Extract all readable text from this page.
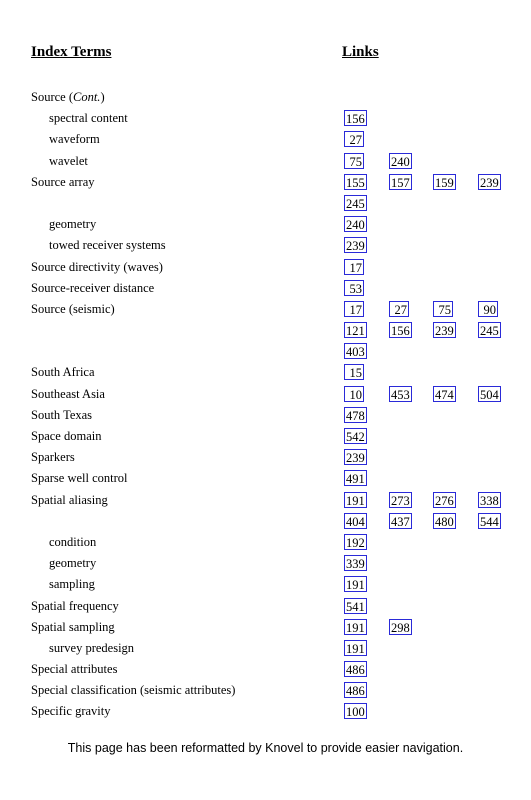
Index Terms	Links
Source (Cont.)
spectral content	156
waveform	27
wavelet	75 240
Source array	155 157 159 239
245
geometry	240
towed receiver systems	239
Source directivity (waves)	17
Source-receiver distance	53
Source (seismic)	17	27	75	90
121 156 239 245
403
South Africa	15
Southeast Asia	10 453 474 504
South Texas	478
Space domain	542
Sparkers	239
Sparse well control	491
Spatial aliasing	191 273 276 338
404 437 480 544
condition	192
geometry	339
sampling	191
Spatial frequency	541
Spatial sampling	191 298
survey predesign	191
Special attributes	486
Special classification (seismic attributes)	486
Specific gravity	100
This page has been reformatted by Knovel to provide easier navigation.
